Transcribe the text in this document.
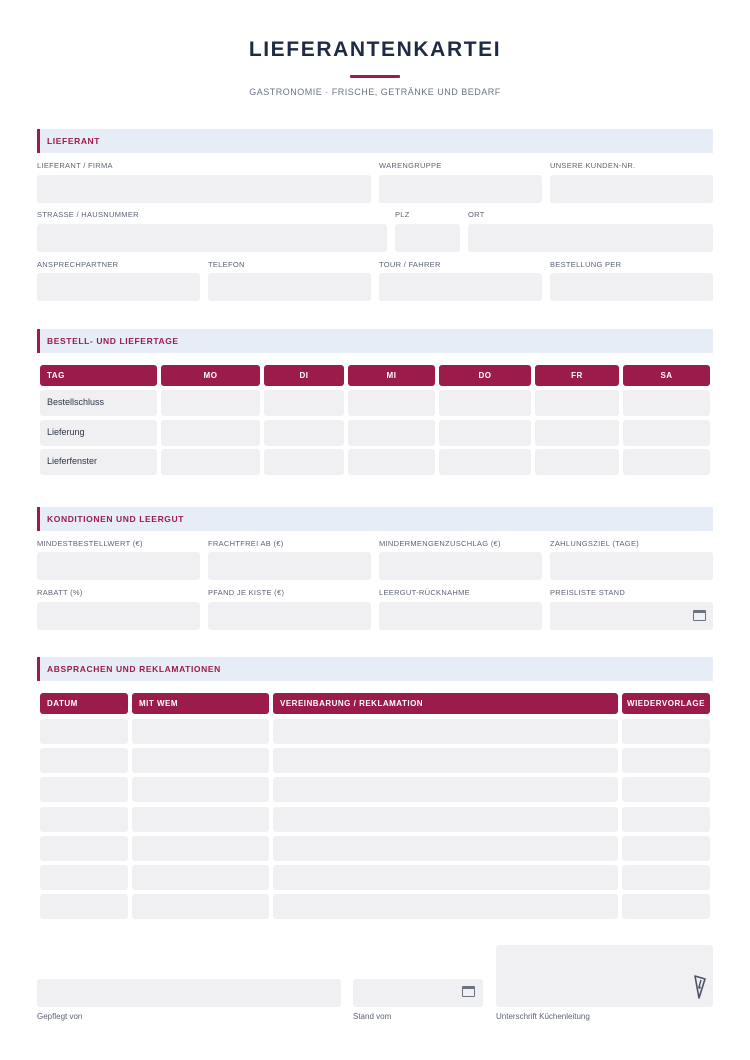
LIEFERANTENKARTEI
GASTRONOMIE · FRISCHE, GETRÄNKE UND BEDARF
LIEFERANT
LIEFERANT / FIRMA	WARENGRUPPE	UNSERE KUNDEN-NR.
STRASSE / HAUSNUMMER	PLZ	ORT
ANSPRECHPARTNER	TELEFON	TOUR / FAHRER	BESTELLUNG PER
BESTELL- UND LIEFERTAGE
TAG	MO	DI	MI	DO	FR	SA
Bestellschluss
Lieferung
Lieferfenster
KONDITIONEN UND LEERGUT
MINDESTBESTELLWERT (€)	FRACHTFREI AB (€)	MINDERMENGENZUSCHLAG (€)	ZAHLUNGSZIEL (TAGE)
RABATT (%)	PFAND JE KISTE (€)	LEERGUT-RÜCKNAHME	PREISLISTE STAND
ABSPRACHEN UND REKLAMATIONEN
DATUM	MIT WEM	VEREINBARUNG / REKLAMATION	WIEDERVORLAGE
Gepflegt von	Stand vom	Unterschrift Küchenleitung
